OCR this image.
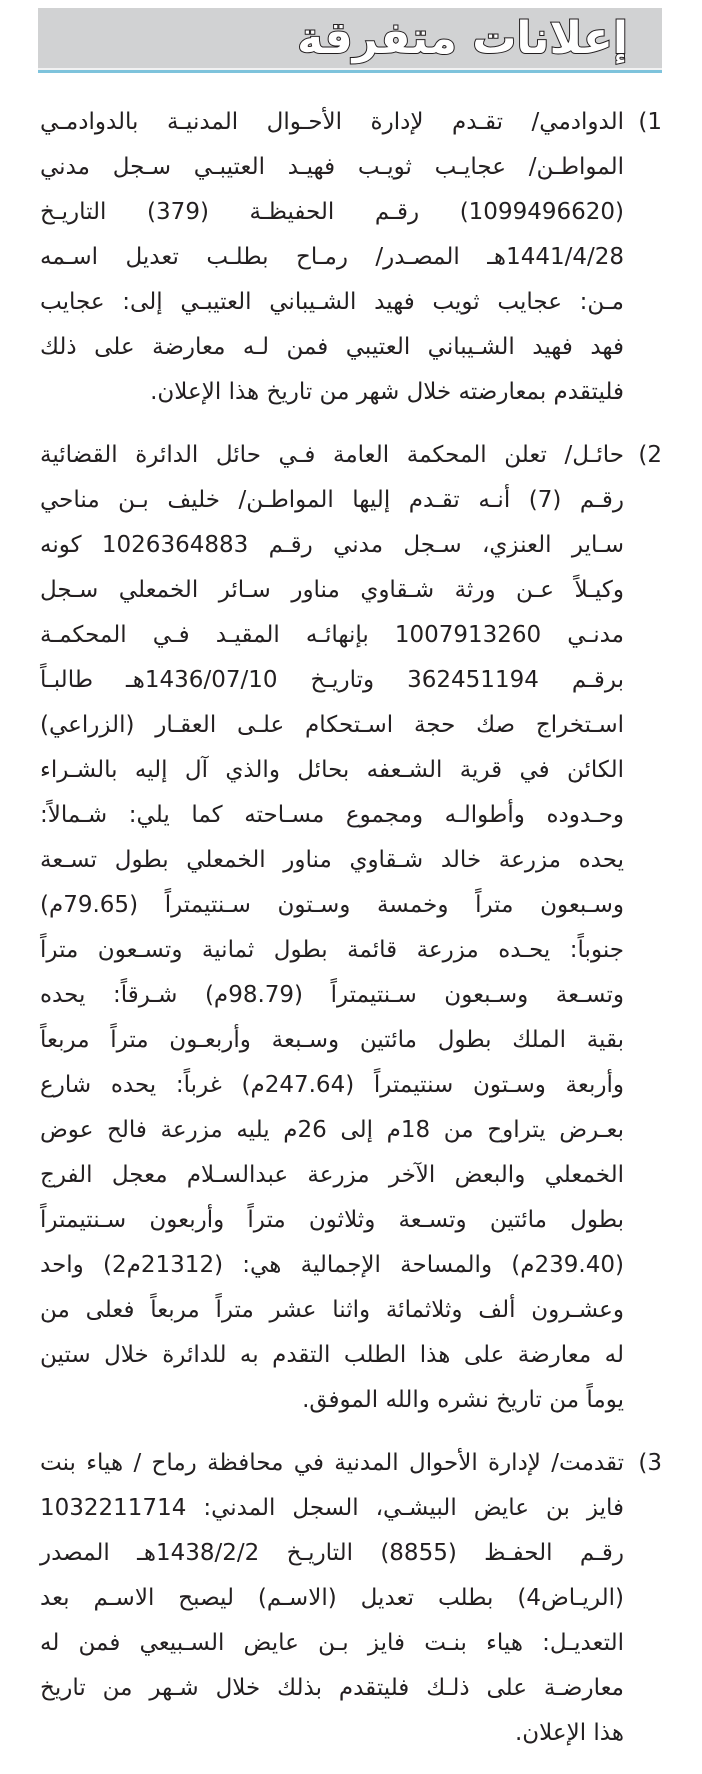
إعلانات متفرقة
1)
الدوادمي/ تقـدم لإدارة الأحـوال المدنيـة بالدوادمـي
المواطـن/ عجايـب ثويـب فهيـد العتيبـي سـجل مدني
(1099496620) رقـم الحفيظـة (379) التاريـخ
1441/4/28هـ المصـدر/ رمـاح بطلـب تعديل اسـمه
مـن: عجايب ثويب فهيد الشـيباني العتيبـي إلى: عجايب
فهد فهيد الشـيباني العتيبي فمن لـه معارضة على ذلك
فليتقدم بمعارضته خلال شهر من تاريخ هذا الإعلان.
2)
حائـل/ تعلن المحكمة العامة فـي حائل الدائرة القضائية
رقـم (7) أنـه تقـدم إليها المواطـن/ خليف بـن مناحي
سـاير العنزي، سـجل مدني رقـم 1026364883 كونه
وكيـلاً عـن ورثة شـقاوي مناور سـائر الخمعلي سـجل
مدنـي 1007913260 بإنهائـه المقيـد فـي المحكمـة
برقـم 362451194 وتاريـخ 1436/07/10هـ طالبـاً
اسـتخراج صك حجة اسـتحكام علـى العقـار (الزراعي)
الكائن في قرية الشـعفه بحائل والذي آل إليه بالشـراء
وحـدوده وأطوالـه ومجموع مسـاحته كما يلي: شـمالاً:
يحده مزرعة خالد شـقاوي مناور الخمعلي بطول تسـعة
وسـبعون متراً وخمسة وسـتون سـنتيمتراً (79.65م)
جنوباً: يحـده مزرعة قائمة بطول ثمانية وتسـعون متراً
وتسـعة وسـبعون سـنتيمتراً (98.79م) شـرقاً: يحده
بقية الملك بطول مائتين وسـبعة وأربعـون متراً مربعاً
وأربعة وسـتون سنتيمتراً (247.64م) غرباً: يحده شارع
بعـرض يتراوح من 18م إلى 26م يليه مزرعة فالح عوض
الخمعلي والبعض الآخر مزرعة عبدالسـلام معجل الفرج
بطول مائتين وتسـعة وثلاثون متراً وأربعون سـنتيمتراً
(239.40م) والمساحة الإجمالية هي: (21312م2) واحد
وعشـرون ألف وثلاثمائة واثنا عشر متراً مربعاً فعلى من
له معارضة على هذا الطلب التقدم به للدائرة خلال ستين
يوماً من تاريخ نشره والله الموفق.
3)
تقدمت/ لإدارة الأحوال المدنية في محافظة رماح / هياء بنت
فايز بن عايض البيشـي، السجل المدني: 1032211714
رقـم الحفـظ (8855) التاريـخ 1438/2/2هـ المصدر
(الريـاض4) بطلب تعديل (الاسـم) ليصبح الاسـم بعد
التعديـل: هياء بنـت فايز بـن عايض السـبيعي فمن له
معارضـة على ذلـك فليتقدم بذلك خلال شـهر من تاريخ
هذا الإعلان.
